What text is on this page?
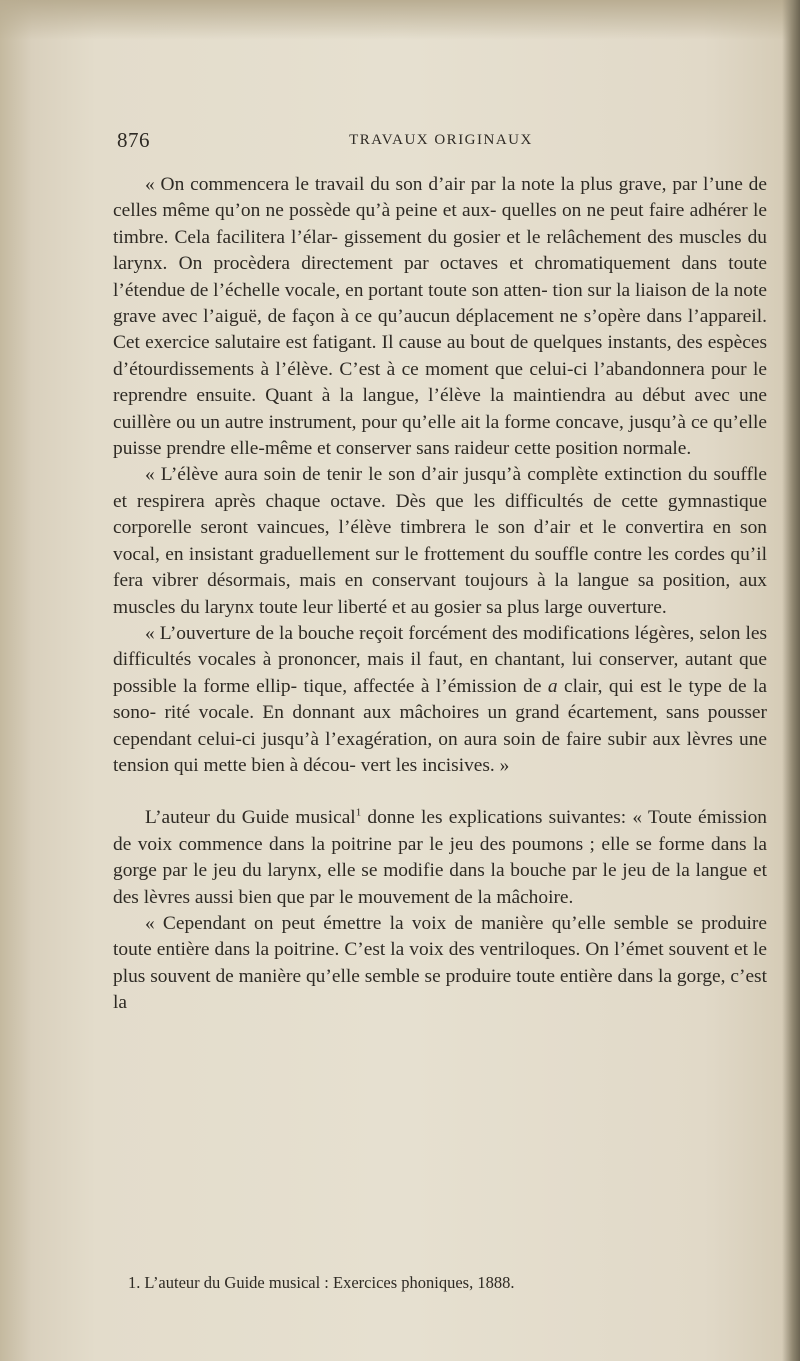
876	TRAVAUX ORIGINAUX

« On commencera le travail du son d’air par la note la plus grave, par l’une de celles même qu’on ne possède qu’à peine et aux- quelles on ne peut faire adhérer le timbre. Cela facilitera l’élar- gissement du gosier et le relâchement des muscles du larynx. On procèdera directement par octaves et chromatiquement dans toute l’étendue de l’échelle vocale, en portant toute son atten- tion sur la liaison de la note grave avec l’aiguë, de façon à ce qu’aucun déplacement ne s’opère dans l’appareil. Cet exercice salutaire est fatigant. Il cause au bout de quelques instants, des espèces d’étourdissements à l’élève. C’est à ce moment que celui-ci l’abandonnera pour le reprendre ensuite. Quant à la langue, l’élève la maintiendra au début avec une cuillère ou un autre instrument, pour qu’elle ait la forme concave, jusqu’à ce qu’elle puisse prendre elle-même et conserver sans raideur cette position normale.

« L’élève aura soin de tenir le son d’air jusqu’à complète extinction du souffle et respirera après chaque octave. Dès que les difficultés de cette gymnastique corporelle seront vaincues, l’élève timbrera le son d’air et le convertira en son vocal, en insistant graduellement sur le frottement du souffle contre les cordes qu’il fera vibrer désormais, mais en conservant toujours à la langue sa position, aux muscles du larynx toute leur liberté et au gosier sa plus large ouverture.

« L’ouverture de la bouche reçoit forcément des modifications légères, selon les difficultés vocales à prononcer, mais il faut, en chantant, lui conserver, autant que possible la forme ellip- tique, affectée à l’émission de a clair, qui est le type de la sono- rité vocale. En donnant aux mâchoires un grand écartement, sans pousser cependant celui-ci jusqu’à l’exagération, on aura soin de faire subir aux lèvres une tension qui mette bien à décou- vert les incisives. »

L’auteur du Guide musical$^1$ donne les explications suivantes: « Toute émission de voix commence dans la poitrine par le jeu des poumons ; elle se forme dans la gorge par le jeu du larynx, elle se modifie dans la bouche par le jeu de la langue et des lèvres aussi bien que par le mouvement de la mâchoire.

« Cependant on peut émettre la voix de manière qu’elle semble se produire toute entière dans la poitrine. C’est la voix des ventriloques. On l’émet souvent et le plus souvent de manière qu’elle semble se produire toute entière dans la gorge, c’est la

1. L’auteur du Guide musical : Exercices phoniques, 1888.
